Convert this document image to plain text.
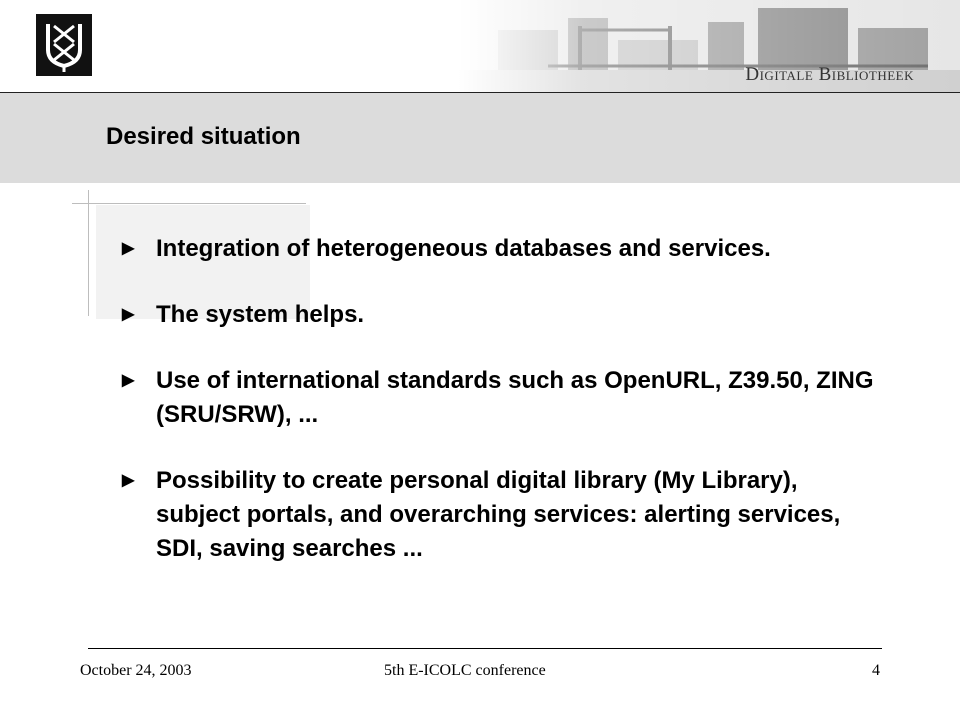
Digitale Bibliotheek
Desired situation
▶ Integration of heterogeneous databases and services.
▶ The system helps.
▶ Use of international standards such as OpenURL, Z39.50, ZING (SRU/SRW), ...
▶ Possibility to create personal digital library (My Library), subject portals, and overarching services: alerting services, SDI, saving searches ...
October 24, 2003	5th E-ICOLC conference	4
